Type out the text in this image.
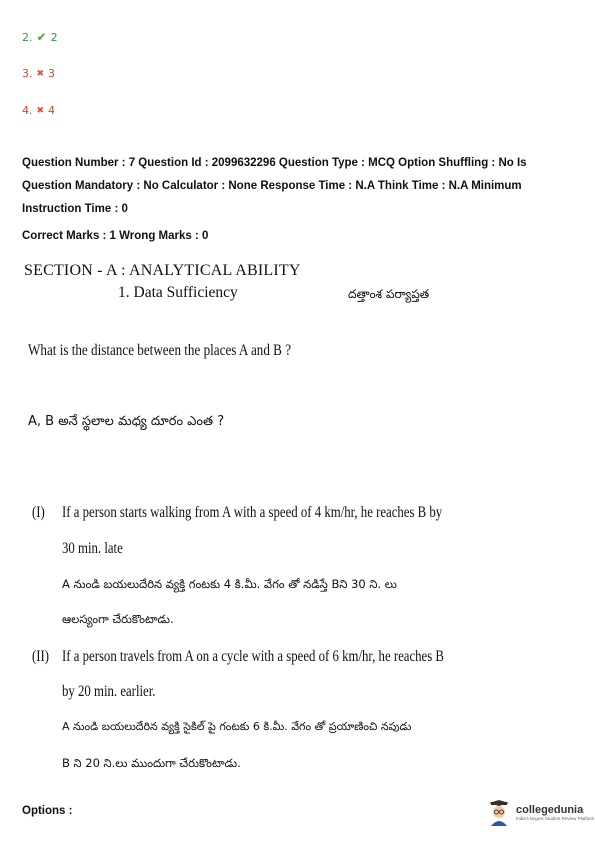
2. ✔ 2
3. ✖ 3
4. ✖ 4
Question Number : 7 Question Id : 2099632296 Question Type : MCQ Option Shuffling : No Is
Question Mandatory : No Calculator : None Response Time : N.A Think Time : N.A Minimum
Instruction Time : 0
Correct Marks : 1 Wrong Marks : 0
SECTION - A : ANALYTICAL ABILITY
1. Data Sufficiency	దత్తాంశ పర్యాప్తత
What is the distance between the places A and B ?
A, B అనే స్థలాల మధ్య దూరం ఎంత ?
(I) If a person starts walking from A with a speed of 4 km/hr, he reaches B by
30 min. late
A నుండి బయలుదేరిన వ్యక్తి గంటకు 4 కి.మీ. వేగం తో నడిస్తే Bని 30 ని. లు
ఆలస్యంగా చేరుకొంటాడు.
(II) If a person travels from A on a cycle with a speed of 6 km/hr, he reaches B
by 20 min. earlier.
A నుండి బయలుదేరిన వ్యక్తి సైకిల్ పై గంటకు 6 కి.మీ. వేగం తో ప్రయాణించి నపుడు
B ని 20 ని.లు ముందుగా చేరుకొంటాడు.
Options :	collegedunia
India's largest Student Review Platform
